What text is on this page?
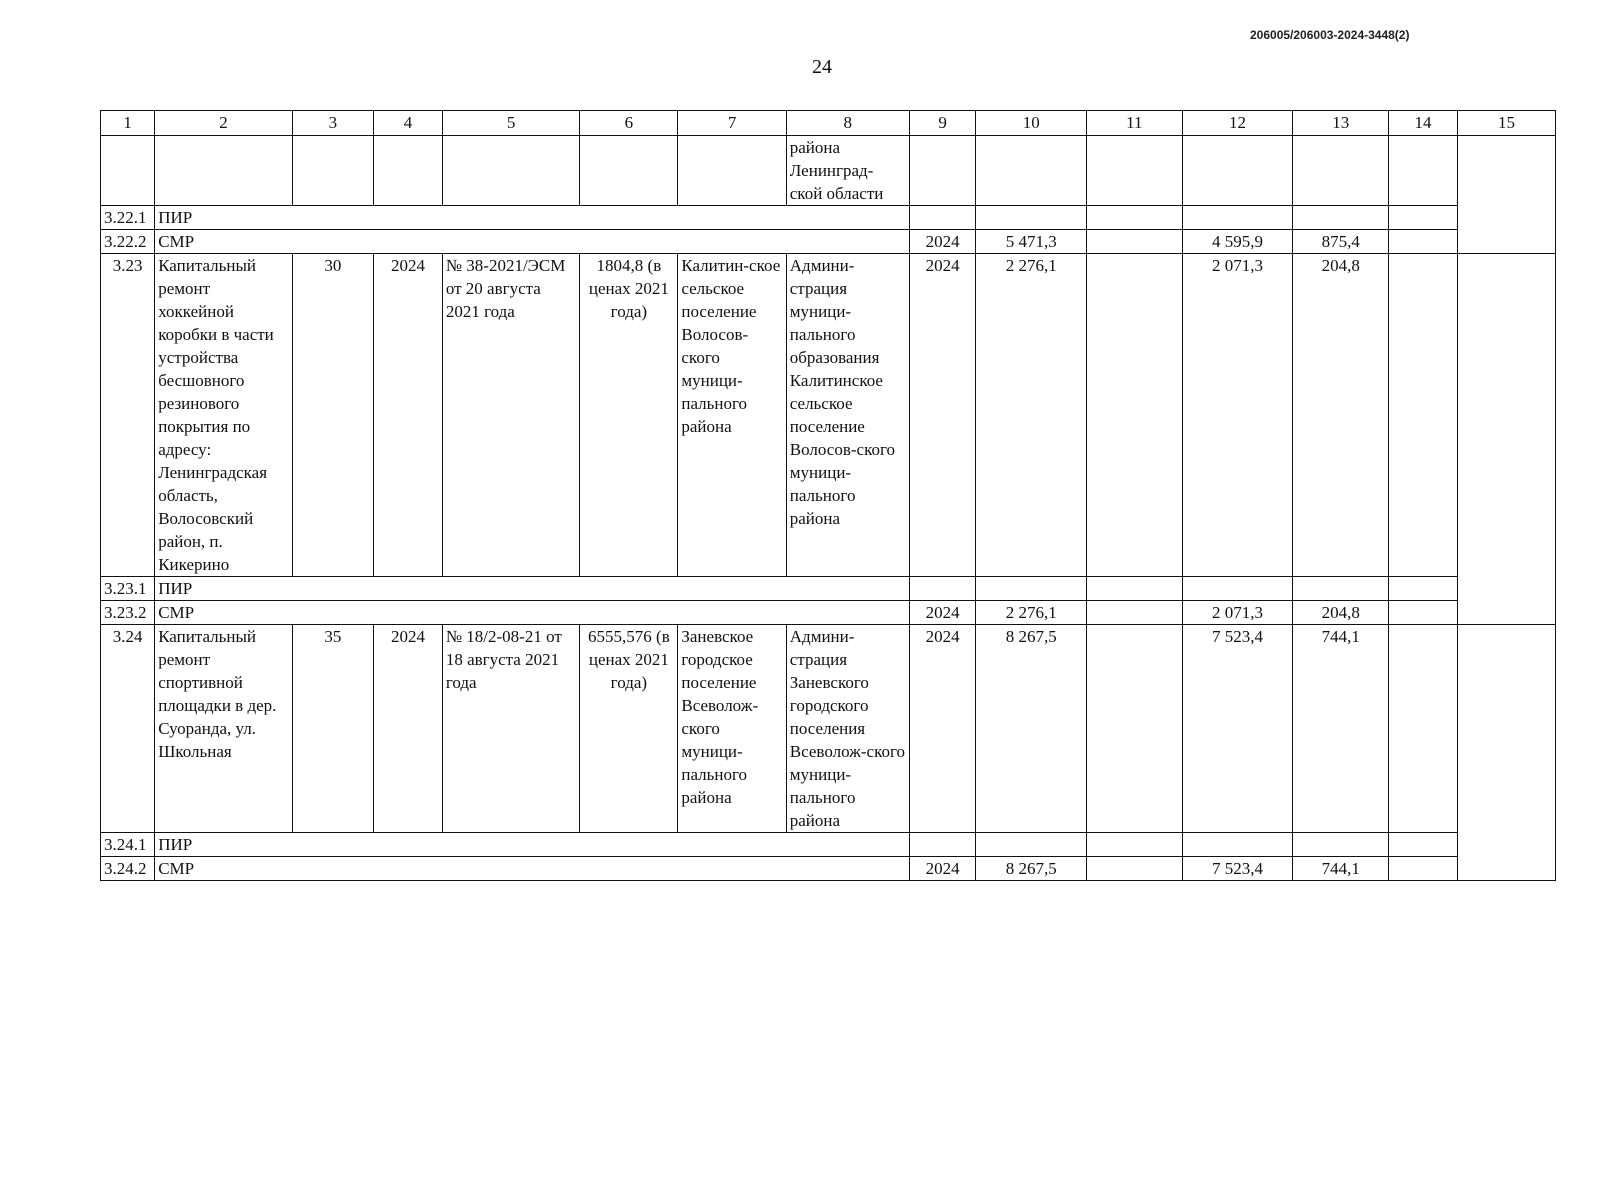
206005/206003-2024-3448(2)
24
1	2	3	4	5	6	7	8	9	10	11	12	13	14	15
							района Ленинград-ской области							
3.22.1	ПИР													
3.22.2	СМР							2024	5 471,3		4 595,9	875,4		
3.23	Капитальный ремонт хоккейной коробки в части устройства бесшовного резинового покрытия по адресу: Ленинградская область, Волосовский район, п. Кикерино	30	2024	№ 38-2021/ЭСМ от 20 августа 2021 года	1804,8 (в ценах 2021 года)	Калитин-ское сельское поселение Волосов-ского муници-пального района	Админи-страция муници-пального образования Калитинское сельское поселение Волосов-ского муници-пального района	2024	2 276,1		2 071,3	204,8		
3.23.1	ПИР													
3.23.2	СМР							2024	2 276,1		2 071,3	204,8		
3.24	Капитальный ремонт спортивной площадки в дер. Суоранда, ул. Школьная	35	2024	№ 18/2-08-21 от 18 августа 2021 года	6555,576 (в ценах 2021 года)	Заневское городское поселение Всеволож-ского муници-пального района	Админи-страция Заневского городского поселения Всеволож-ского муници-пального района	2024	8 267,5		7 523,4	744,1		
3.24.1	ПИР													
3.24.2	СМР							2024	8 267,5		7 523,4	744,1		
